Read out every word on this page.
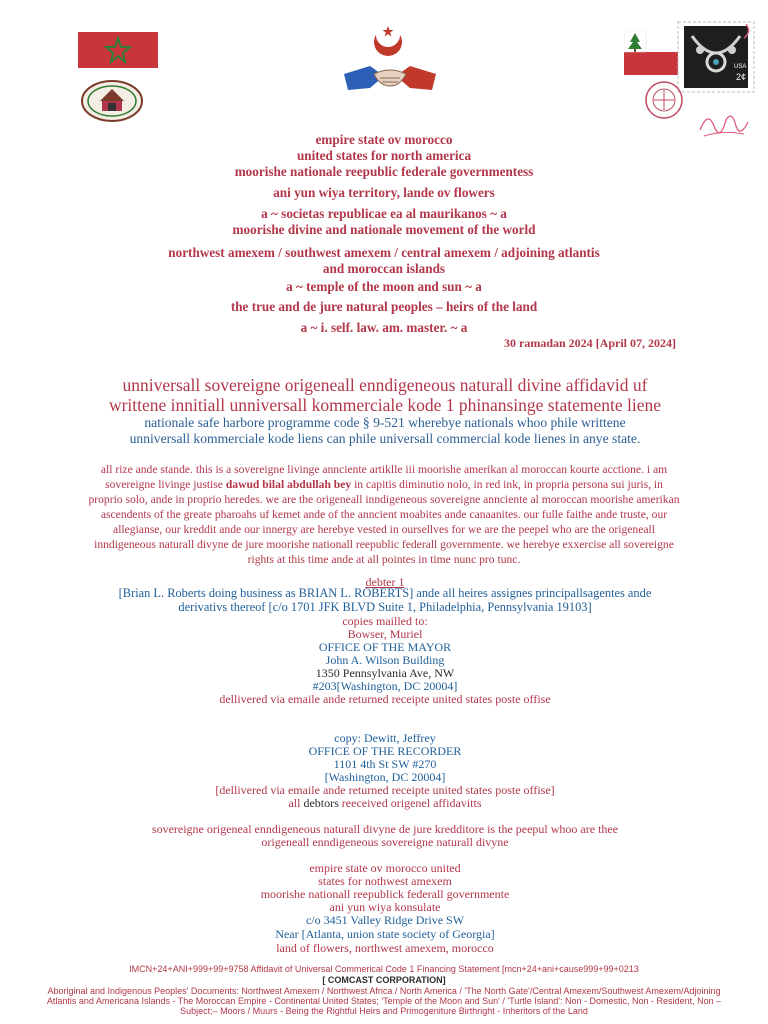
2¢
USA
empire state ov morocco
united states for north america
moorishe nationale reepublic federale governmentess
ani yun wiya territory, lande ov flowers
a ~ societas republicae ea al maurikanos ~ a
moorishe divine and nationale movement of the world
northwest amexem / southwest amexem / central amexem / adjoining atlantis
and moroccan islands
a ~ temple of the moon and sun ~ a
the true and de jure natural peoples – heirs of the land
a ~ i. self. law. am. master. ~ a
30 ramadan 2024 [April 07, 2024]
unniversall sovereigne origeneall enndigeneous naturall divine affidavid uf
writtene innitiall unniversall kommerciale kode 1 phinansinge statemente liene
nationale safe harbore programme code § 9-521 wherebye nationals whoo phile writtene
unniversall kommerciale kode liens can phile universall commercial kode lienes in anye state.
all rize ande stande. this is a sovereigne livinge annciente artiklle iii moorishe amerikan al moroccan kourte acctione. i am
sovereigne livinge justise dawud bilal abdullah bey in capitis diminutio nolo, in red ink, in propria persona sui juris, in
proprio solo, ande in proprio heredes. we are the origeneall inndigeneous sovereigne annciente al moroccan moorishe amerikan
ascendents of the greate pharoahs uf kemet ande of the anncient moabites ande canaanites. our fulle faithe ande truste, our
allegianse, our kreddit ande our innergy are herebye vested in oursellves for we are the peepel who are the origeneall
inndigeneous naturall divyne de jure moorishe nationall reepublic federall governmente. we herebye exxercise all sovereigne
rights at this time ande at all pointes in time nunc pro tunc.
debter 1
[Brian L. Roberts doing business as BRIAN L. ROBERTS] ande all heires assignes principallsagentes ande
derivativs thereof [c/o 1701 JFK BLVD Suite 1, Philadelphia, Pennsylvania 19103]
copies mailled to:
Bowser, Muriel
OFFICE OF THE MAYOR
John A. Wilson Building
1350 Pennsylvania Ave, NW
#203[Washington, DC 20004]
dellivered via emaile ande returned receipte united states poste offise
copy: Dewitt, Jeffrey
OFFICE OF THE RECORDER
1101 4th St SW #270
[Washington, DC 20004]
[dellivered via emaile ande returned receipte united states poste offise]
all debtors reeceived origenel affidavitts
sovereigne origeneal enndigeneous naturall divyne de jure kredditore is the peepul whoo are thee
origeneall enndigeneous sovereigne naturall divyne
empire state ov morocco united
states for nothwest amexem
moorishe nationall reepublick federall governmente
ani yun wiya konsulate
c/o 3451 Valley Ridge Drive SW
Near [Atlanta, union state society of Georgia]
land of flowers, northwest amexem, morocco
IMCN+24+ANI+999+99+9758 Affidavit of Universal Commerical Code 1 Financing Statement [mcn+24+ani+cause999+99+0213
[ COMCAST CORPORATION]
Aboriginal and Indigenous Peoples' Documents: Northwest Amexem / Northwest Africa / North America / 'The North Gate'/Central Amexem/Southwest Amexem/Adjoining
Atlantis and Americana Islands - The Moroccan Empire - Continental United States; 'Temple of the Moon and Sun' / 'Turtle Island': Non - Domestic, Non - Resident, Non –
Subject;– Moors / Muurs - Being the Rightful Heirs and Primogeniture Birthright - Inheritors of the Land
